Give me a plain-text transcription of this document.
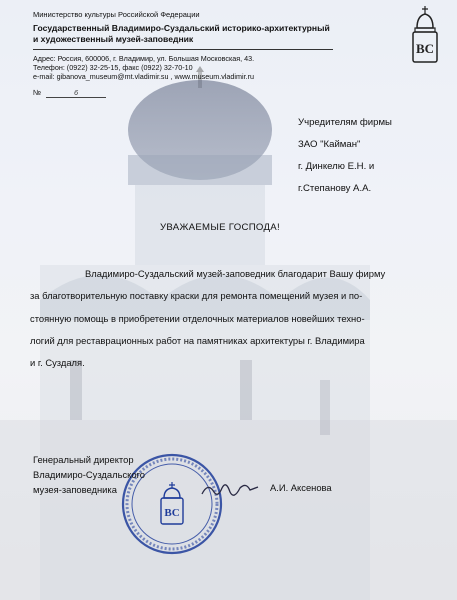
Министерство культуры Российской Федерации

Государственный Владимиро-Суздальский историко-архитектурный

и художественный музей-заповедник

Адрес: Россия, 600006, г. Владимир, ул. Большая Московская, 43.

Телефон: (0922) 32-25-15, факс (0922) 32-70-10

e-mail: gibanova_museum@mt.vladimir.su , www.museum.vladimir.ru

ВС
№	6
Учредителям фирмы
ЗАО "Кайман"
г. Динкелю Е.Н. и
г.Степанову А.А.
УВАЖАЕМЫЕ ГОСПОДА!
Владимиро-Суздальский музей-заповедник благодарит Вашу фирму
за благотворительную поставку краски для ремонта помещений музея и по-
стоянную помощь в приобретении отделочных материалов новейших техно-
логий для реставрационных работ на памятниках архитектуры г. Владимира
и г. Суздаля.
ВС
Генеральный директор
Владимиро-Суздальского
музея-заповедника	А.И. Аксенова
